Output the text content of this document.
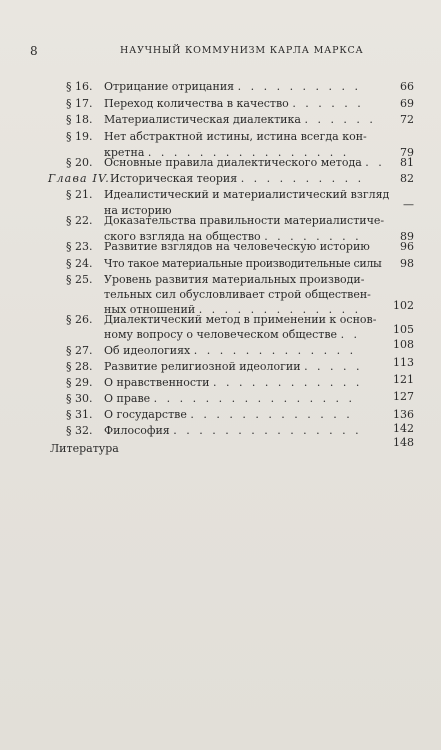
8	НАУЧНЫЙ КОММУНИЗМ КАРЛА МАРКСА
§ 16. Отрицание отрицания . . . . . . . . . .	66
§ 17. Переход количества в качество . . . . . .	69
§ 18. Материалистическая диалектика . . . . . .	72
§ 19. Нет абстрактной истины, истина всегда кон-
кретна . . . . . . . . . . . . . . . .	79
§ 20. Основные правила диалектического метода . .	81
Глава IV. Историческая теория . . . . . . . . . .	82
§ 21. Идеалистический и материалистический взгляд
на историю	—
§ 22. Доказательства правильности материалистиче-
ского взгляда на общество . . . . . . . .	89
§ 23. Развитие взглядов на человеческую историю	96
§ 24. Что такое материальные производительные силы	98
§ 25. Уровень развития материальных производи-
тельных сил обусловливает строй обществен-
ных отношений . . . . . . . . . . . . .	102
§ 26. Диалектический метод в применении к основ-
ному вопросу о человеческом обществе . .	105
§ 27. Об идеологиях . . . . . . . . . . . . .	108
§ 28. Развитие религиозной идеологии . . . . .	113
§ 29. О нравственности . . . . . . . . . . . .	121
§ 30. О праве . . . . . . . . . . . . . . . .	127
§ 31. О государстве . . . . . . . . . . . . .	136
§ 32. Философия . . . . . . . . . . . . . . .	142
Литература	148
